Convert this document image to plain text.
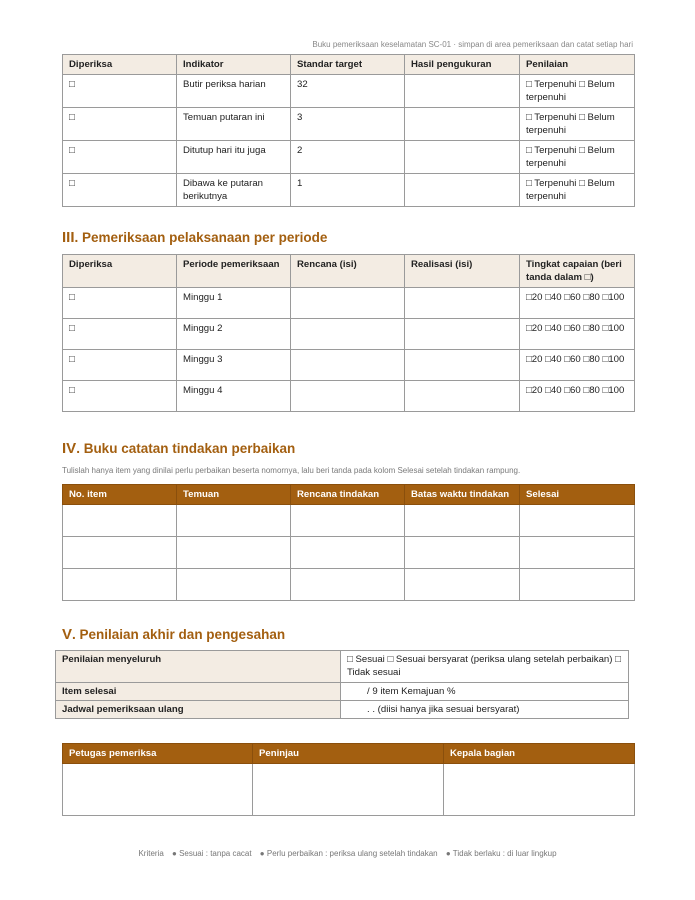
Buku pemeriksaan keselamatan SC-01 · simpan di area pemeriksaan dan catat setiap hari
Diperiksa	Indikator	Standar target	Hasil pengukuran	Penilaian
□	Butir periksa harian	32		□ Terpenuhi □ Belum terpenuhi
□	Temuan putaran ini	3		□ Terpenuhi □ Belum terpenuhi
□	Ditutup hari itu juga	2		□ Terpenuhi □ Belum terpenuhi
□	Dibawa ke putaran berikutnya	1		□ Terpenuhi □ Belum terpenuhi
III. Pemeriksaan pelaksanaan per periode
Diperiksa	Periode pemeriksaan	Rencana (isi)	Realisasi (isi)	Tingkat capaian (beri tanda dalam □)
□	Minggu 1			□20 □40 □60 □80 □100
□	Minggu 2			□20 □40 □60 □80 □100
□	Minggu 3			□20 □40 □60 □80 □100
□	Minggu 4			□20 □40 □60 □80 □100
IV. Buku catatan tindakan perbaikan
Tulislah hanya item yang dinilai perlu perbaikan beserta nomornya, lalu beri tanda pada kolom Selesai setelah tindakan rampung.
No. item	Temuan	Rencana tindakan	Batas waktu tindakan	Selesai

V. Penilaian akhir dan pengesahan
Penilaian menyeluruh	□ Sesuai □ Sesuai bersyarat (periksa ulang setelah perbaikan) □ Tidak sesuai
Item selesai	/ 9 item Kemajuan %
Jadwal pemeriksaan ulang	. . (diisi hanya jika sesuai bersyarat)
Petugas pemeriksa	Peninjau	Kepala bagian

Kriteria ● Sesuai : tanpa cacat ● Perlu perbaikan : periksa ulang setelah tindakan ● Tidak berlaku : di luar lingkup
